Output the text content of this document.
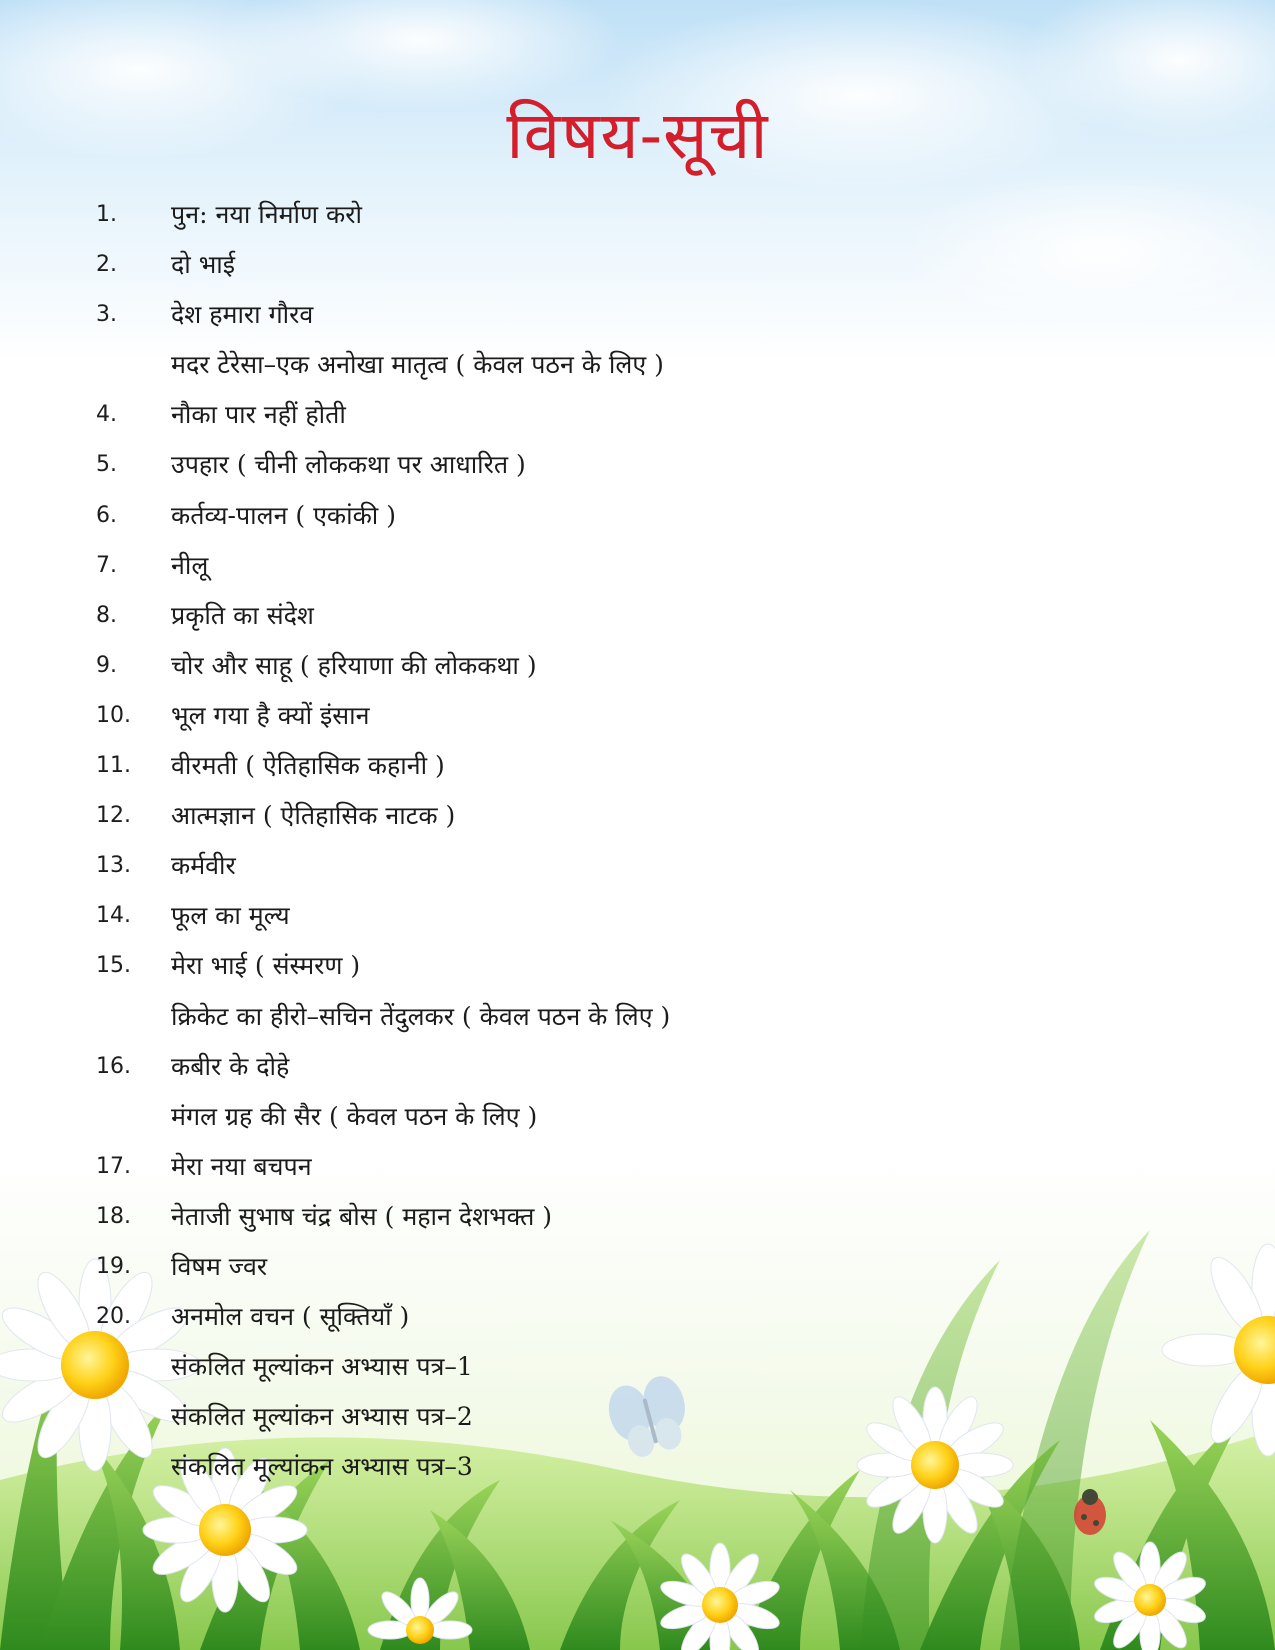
विषय-सूची
1.	पुन: नया निर्माण करो
2.	दो भाई
3.	देश हमारा गौरव
मदर टेरेसा–एक अनोखा मातृत्व ( केवल पठन के लिए )
4.	नौका पार नहीं होती
5.	उपहार ( चीनी लोककथा पर आधारित )
6.	कर्तव्य-पालन ( एकांकी )
7.	नीलू
8.	प्रकृति का संदेश
9.	चोर और साहू ( हरियाणा की लोककथा )
10.	भूल गया है क्यों इंसान
11.	वीरमती ( ऐतिहासिक कहानी )
12.	आत्मज्ञान ( ऐतिहासिक नाटक )
13.	कर्मवीर
14.	फूल का मूल्य
15.	मेरा भाई ( संस्मरण )
क्रिकेट का हीरो–सचिन तेंदुलकर ( केवल पठन के लिए )
16.	कबीर के दोहे
मंगल ग्रह की सैर ( केवल पठन के लिए )
17.	मेरा नया बचपन
18.	नेताजी सुभाष चंद्र बोस ( महान देशभक्त )
19.	विषम ज्वर
20.	अनमोल वचन ( सूक्तियाँ )
संकलित मूल्यांकन अभ्यास पत्र–1
संकलित मूल्यांकन अभ्यास पत्र–2
संकलित मूल्यांकन अभ्यास पत्र–3
